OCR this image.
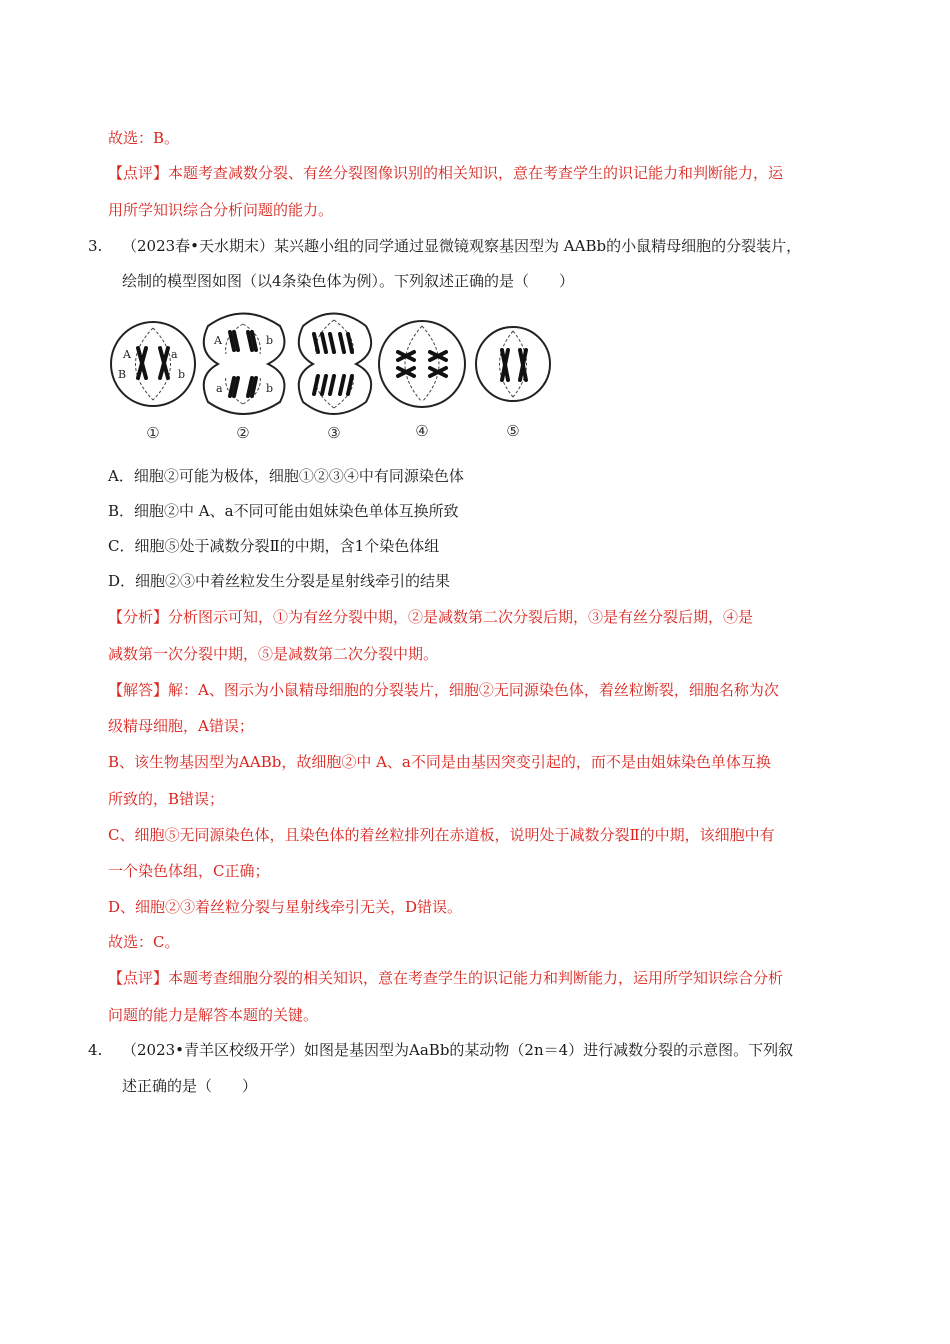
故选：B。
【点评】本题考查减数分裂、有丝分裂图像识别的相关知识，意在考查学生的识记能力和判断能力，运
用所学知识综合分析问题的能力。
（2023春•天水期末）某兴趣小组的同学通过显微镜观察基因型为 AABb的小鼠精母细胞的分裂装片，
绘制的模型图如图（以4条染色体为例）。下列叙述正确的是（　　）
A．细胞②可能为极体，细胞①②③④中有同源染色体
B．细胞②中 A、a不同可能由姐妹染色单体互换所致
C．细胞⑤处于减数分裂Ⅱ的中期，含1个染色体组
D．细胞②③中着丝粒发生分裂是星射线牵引的结果
【分析】分析图示可知，①为有丝分裂中期，②是减数第二次分裂后期，③是有丝分裂后期，④是
减数第一次分裂中期，⑤是减数第二次分裂中期。
【解答】解：A、图示为小鼠精母细胞的分裂装片，细胞②无同源染色体，着丝粒断裂，细胞名称为次
级精母细胞，A错误；
B、该生物基因型为AABb，故细胞②中 A、a不同是由基因突变引起的，而不是由姐妹染色单体互换
所致的，B错误；
C、细胞⑤无同源染色体，且染色体的着丝粒排列在赤道板，说明处于减数分裂Ⅱ的中期，该细胞中有
一个染色体组，C正确；
D、细胞②③着丝粒分裂与星射线牵引无关，D错误。
故选：C。
【点评】本题考查细胞分裂的相关知识，意在考查学生的识记能力和判断能力，运用所学知识综合分析
问题的能力是解答本题的关键。
（2023•青羊区校级开学）如图是基因型为AaBb的某动物（2n＝4）进行减数分裂的示意图。下列叙
述正确的是（　　）
3.
4.
A	a
B	b
A	b
a	b
①	②	③	④	⑤
